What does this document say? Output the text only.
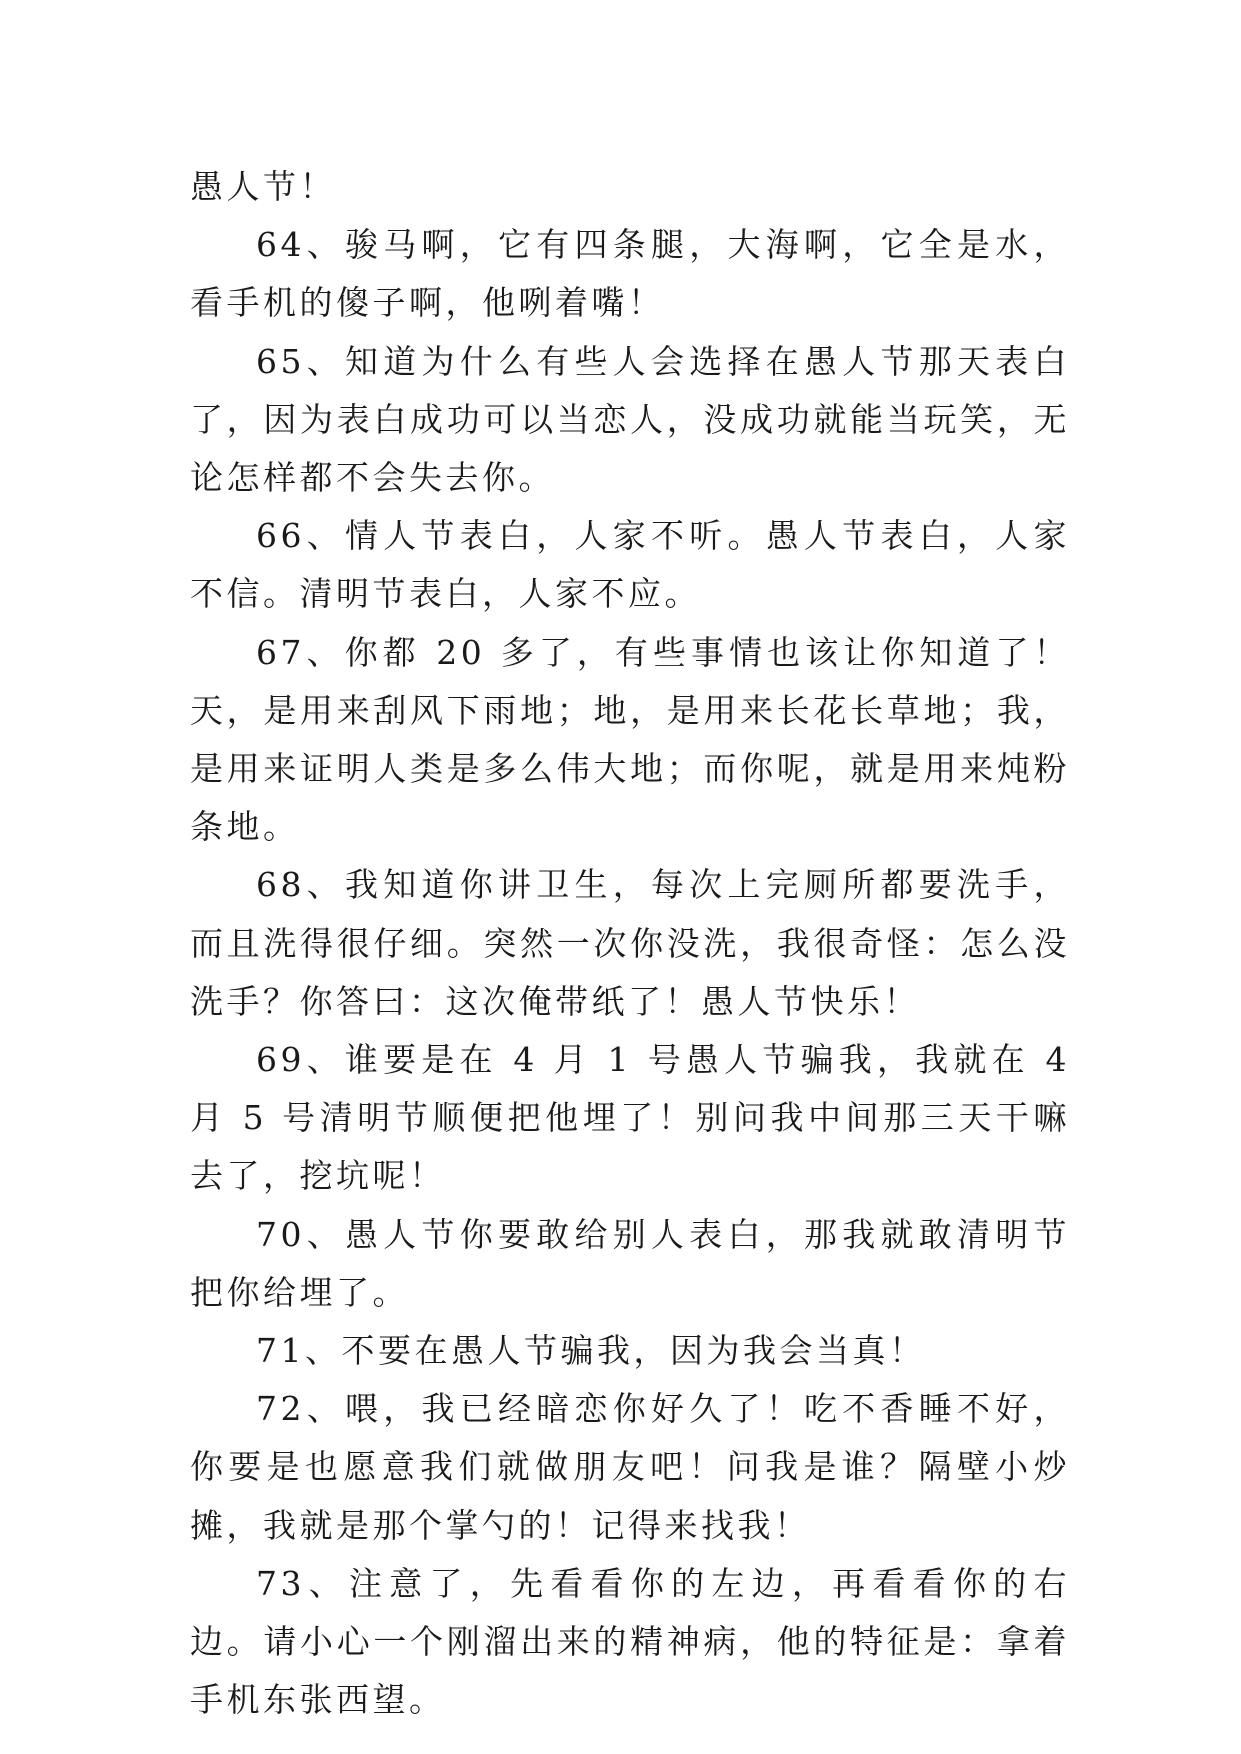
愚人节！

64、骏马啊，它有四条腿，大海啊，它全是水，看手机的傻子啊，他咧着嘴！

65、知道为什么有些人会选择在愚人节那天表白了，因为表白成功可以当恋人，没成功就能当玩笑，无论怎样都不会失去你。

66、情人节表白，人家不听。愚人节表白，人家不信。清明节表白，人家不应。

67、你都 20 多了，有些事情也该让你知道了！天，是用来刮风下雨地；地，是用来长花长草地；我，是用来证明人类是多么伟大地；而你呢，就是用来炖粉条地。

68、我知道你讲卫生，每次上完厕所都要洗手，而且洗得很仔细。突然一次你没洗，我很奇怪：怎么没洗手？你答曰：这次俺带纸了！愚人节快乐！

69、谁要是在 4 月 1 号愚人节骗我，我就在 4 月 5 号清明节顺便把他埋了！别问我中间那三天干嘛去了，挖坑呢！

70、愚人节你要敢给别人表白，那我就敢清明节把你给埋了。

71、不要在愚人节骗我，因为我会当真！

72、喂，我已经暗恋你好久了！吃不香睡不好，你要是也愿意我们就做朋友吧！问我是谁？隔壁小炒摊，我就是那个掌勺的！记得来找我！

73、注意了，先看看你的左边，再看看你的右边。请小心一个刚溜出来的精神病，他的特征是：拿着手机东张西望。
